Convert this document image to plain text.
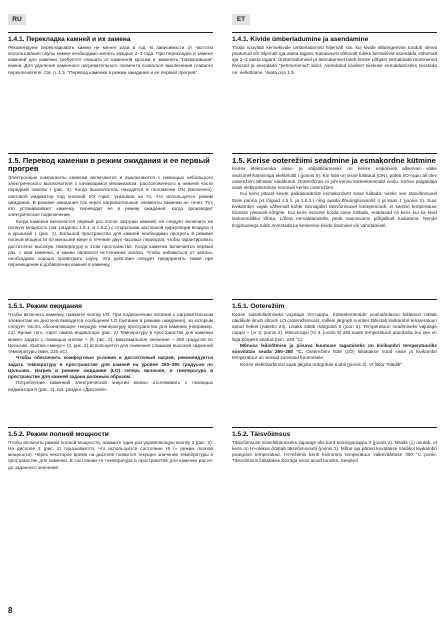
RU	ET
1.4.1. Перекладка камней и их замена

Рекомендуем перекладывать камни не менее раза в год. В зависимости от частоты использования сауны камни необходимо менять каждые 2–3 года. При перекладке и замене каменей дно каменки требуется очищать от каменной крошки и заменять "развалившие" камни. Для удаления каменного нагревательного элемента пoзвольте выключения главного переключателя. См. п. 1.5. "Перевод каменки в режим ожидания и ее первый прогрев".

1.5. Перевод каменки в режим ожидания и ее первый прогрев

Электронные компоненты каменки включаются и выключаются с помощью небольшого электрического выключателя с качающимся механизмом, расположенного в нижней части передней панели I (рис. 4). Когда выключатель находится в положении ON (включено), световой индикатор под кнопкой I/O горит, указывая на то, что используется режим ожидания. В режиме ожидания ток через нагревательные элементы каменки не течет. Тот, кто устанавливает каменку, переводит ее в режим ожидания, когда производит электрическое подключение.

Когда каменка включается первый раз после загрузки камней, ее следует включить на полную мощность (см. разделы 1.5.1. и 1.5.2.) с открытыми заслонкой циркуляции воздуха 4 и крышкой 1 (рис. 1). Большой пространство для камней необходимо прогреть в режиме полной мощности по меньшей мере в течение двух часовых периодов, чтобы гарантировать достаточно высокую температуру в этом пространстве. Когда каменка включается первый раз, с ама каменка, и камни являются источником запаха. Чтобы избавиться от запаха, необходимо хорошо проветрить сауну. Эти действия следует предпринять также при перемещении и добавлении камней в каменку.

1.5.1. Режим ожидания

Чтобы включить каменку, нажмите кнопку I/O. При подключении питания к нагревательным элементам на дисплей выводится сообщение LO (питание в режиме ожидания), за которым следует число, обозначающее текущую температуру пространства для каменки (например, 24). Кроме того, горит лампа индикатора (рис. 2) Температуру в пространстве для каменки можно задать с помощью кнопки + (5, рис. 2); максимальное значение – 280 градусов по Цельсию. Кнопка «минус» (4, рис. 2) используется для снижения слишком высокой заданной температуры (мин. 220 oC).

Чтобы обеспечить комфортные условия и достаточный нагрев, рекомендуется задать температуру в пространстве для камней на уровне 260–280 градусов по Цельсию. Нагрев в режиме ожидания (LO) теперь включен, и температура в пространстве для камней задана должным образом.

Потребление каменкой электрической энергии можно отслеживать с помощью индикатора 8 (рис. 2). См. раздел «Дисплей».

1.5.2. Режим полной мощности

Чтобы включить режим полной мощности, нажмите один раз управляющую кнопку 3 (рис. 2). На дисплее 1 (рис. 2) показывается, что используется состояние HI (« режим полной мощности). Через некоторое время на дисплее появится текущее значение температуры в пространстве для каменки. В состоянии HI температура в пространстве для каменки растет до заданного значения

1.4.1. Kivide ümberladumine ja asendamine

Tootja soovitab kerisekivide ümberladumist hiljemalt siis, kui kivide allaangemine tundub olevat peatunud või hiljemalt iga aasta tagant. Kasutusest sõltuvalt tuleks kerisekivid asendada vähemalt iga 2–3 aasta tagant. Ümberladumisel ja asendamisel tuleb kerise põhjast eemaldada murenenud kiviosad ja asendada "pehmenenud" kivid. Asendatud kividest niiskuse eemaldamiseks teostada nn. eelkütmine. Vaata osa 1.5.

1.5. Kerise ooterežiimi seadmine ja esmakordne kütmine

Kerise elektroonika sisse- ja väljalülitamiseks on kerise esipaneeli allservas väike vedrumehhanismiga elektrilüliti I (joonis 5). Kui lüliti on sisse lülitatud (ON), põleb I/O-nupu all olev ooterežiimi tähistav näidikutuli. Ooterežiimis ei juhi kerise kütteelemendid voolu. Kerise paigaldaja seab elektriühenduse loomisel kerise ooterežiimi.

Kui keris pärast kivide paikaseadmist esmakordselt sisse lülitada, tuleks see täisvõimsusel täole panna (vt lõiguid 1.5.1. ja 1.5.2.) ning avada õhuringlusventiil 4 ja kaas 1 (joonis 1). Suur kivikamber vajab vähemalt kahte tunniajalist täisvõimsusel kütteperioodi, et kambri temperatuur tõuseks piisavalt kõrgele. Kui keris esimest korda sisse lülitada, eraldavad nii keris kui ka kivid iseloomulikku lõhna. Lõhna eemaldamiseks peab saunaruumi põhjalikult tuulutama. Nende tingimustega tuleb arvestada ka kerisesse kivide lisamisel või vahetamisel.

1.5.1. Ooterežiim

Kerise sisselülitamiseks vajutage I/O-nuppu. Kütteelementide vooluahelasse lülitamist näitab näidikule ilmub sõnum LO (ooterežiimsus), millele järgneb number tähistab kivikambri temperatuuri antud hetkel (näiteks 24). Lisaks süttib märgutuli 6 (joon 2). Temperatuuri seadmiseks vajutage nuppu + (nr 5, joonis 2). Miinusnupu (nr 4, joonis 5) abil saate temperatuuri alandada, kui see on liiga kõrgeks seatud (min. 220 °C).

Mõnusa leilivõtmise ja piisava kuumuse tagamiseks on kivikambri temperatuuriks soovitatav seada 260–280 °C. Ooterežiimi küte (LO) lülitatakse nüüd sisse ja kivikambri temperatuur on seatud sooviitud kuumusele.

Kerise elektritarbimist saab jälgida märgutule 8 abil (joonis 2). Vt lõiku "Näidik".

1.5.2. Täisvõimsus

Täisvõimsuse sisselülitamiseks vajutage üks kord toimingunuppu 3 (joonis 2). Näidik (1) osutab, et keris on HI-olekus (töötab täisvõimsusel) (joonis 2). Mõne aja pärast kuvatakse näidikul kivikambri praegune temperatuur. HI-režiimis kerib kivirummi temperatuur vaikeväärtuse 300 °C poole. Täisvõimsus lülitatakse korraga sisse ainult tunniks. Seejärel

8
